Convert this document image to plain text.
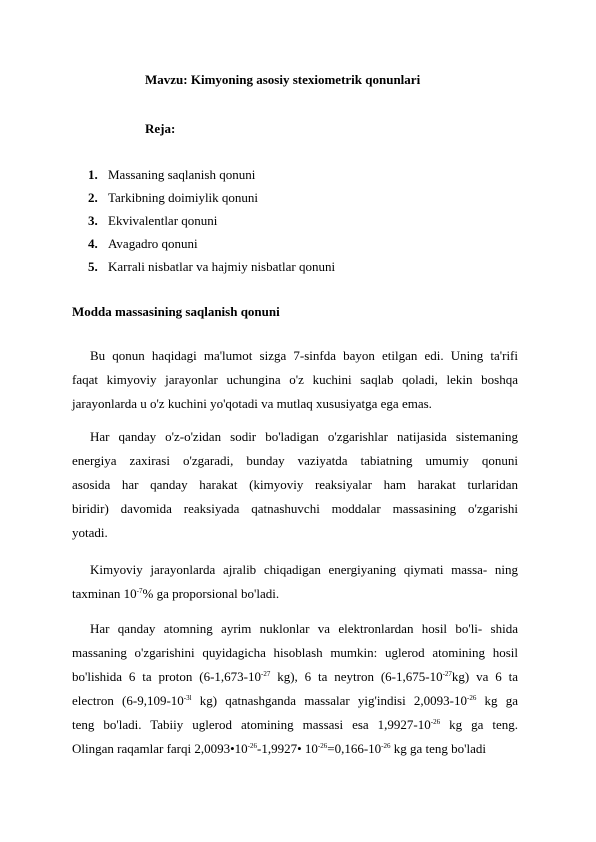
Mavzu: Kimyoning asosiy stexiometrik qonunlari
Reja:
1. Massaning saqlanish qonuni
2. Tarkibning doimiylik qonuni
3. Ekvivalentlar qonuni
4. Avagadro qonuni
5. Karrali nisbatlar va hajmiy nisbatlar qonuni
Modda massasining saqlanish qonuni
Bu qonun haqidagi ma'lumot sizga 7-sinfda bayon etilgan edi. Uning ta'rifi
faqat kimyoviy jarayonlar uchungina o'z kuchini saqlab qoladi, lekin boshqa
jarayonlarda u o'z kuchini yo'qotadi va mutlaq xususiyatga ega emas.
Har qanday o'z-o'zidan sodir bo'ladigan o'zgarishlar natijasida sistemaning
energiya zaxirasi o'zgaradi, bunday vaziyatda tabiatning umumiy qonuni
asosida har qanday harakat (kimyoviy reaksiyalar ham harakat turlaridan
biridir) davomida reaksiyada qatnashuvchi moddalar massasining o'zgarishi
yotadi.
Kimyoviy jarayonlarda ajralib chiqadigan energiyaning qiymati massa- ning
taxminan $10^{-7}\%$ ga proporsional bo'ladi.
Har qanday atomning ayrim nuklonlar va elektronlardan hosil bo'li- shida
massaning o'zgarishini quyidagicha hisoblash mumkin: uglerod atomining hosil
bo'lishida 6 ta proton ($6-1,673-10^{-27}$ kg), 6 ta neytron $(6-1,675-10^{-27}kg)$ va 6 ta
electron ($6-9,109-10^{-3l}$ kg) qatnashganda massalar yig'indisi $2,0093-10^{-26}$ kg ga
teng bo'ladi. Tabiiy uglerod atomining massasi esa $1,9927-10^{-26}$ kg ga teng.
Olingan raqamlar farqi $2,0093•10^{-26}-1,9927•$ $10^{-26}=0,166-10^{-26}$ kg ga teng bo'ladi
